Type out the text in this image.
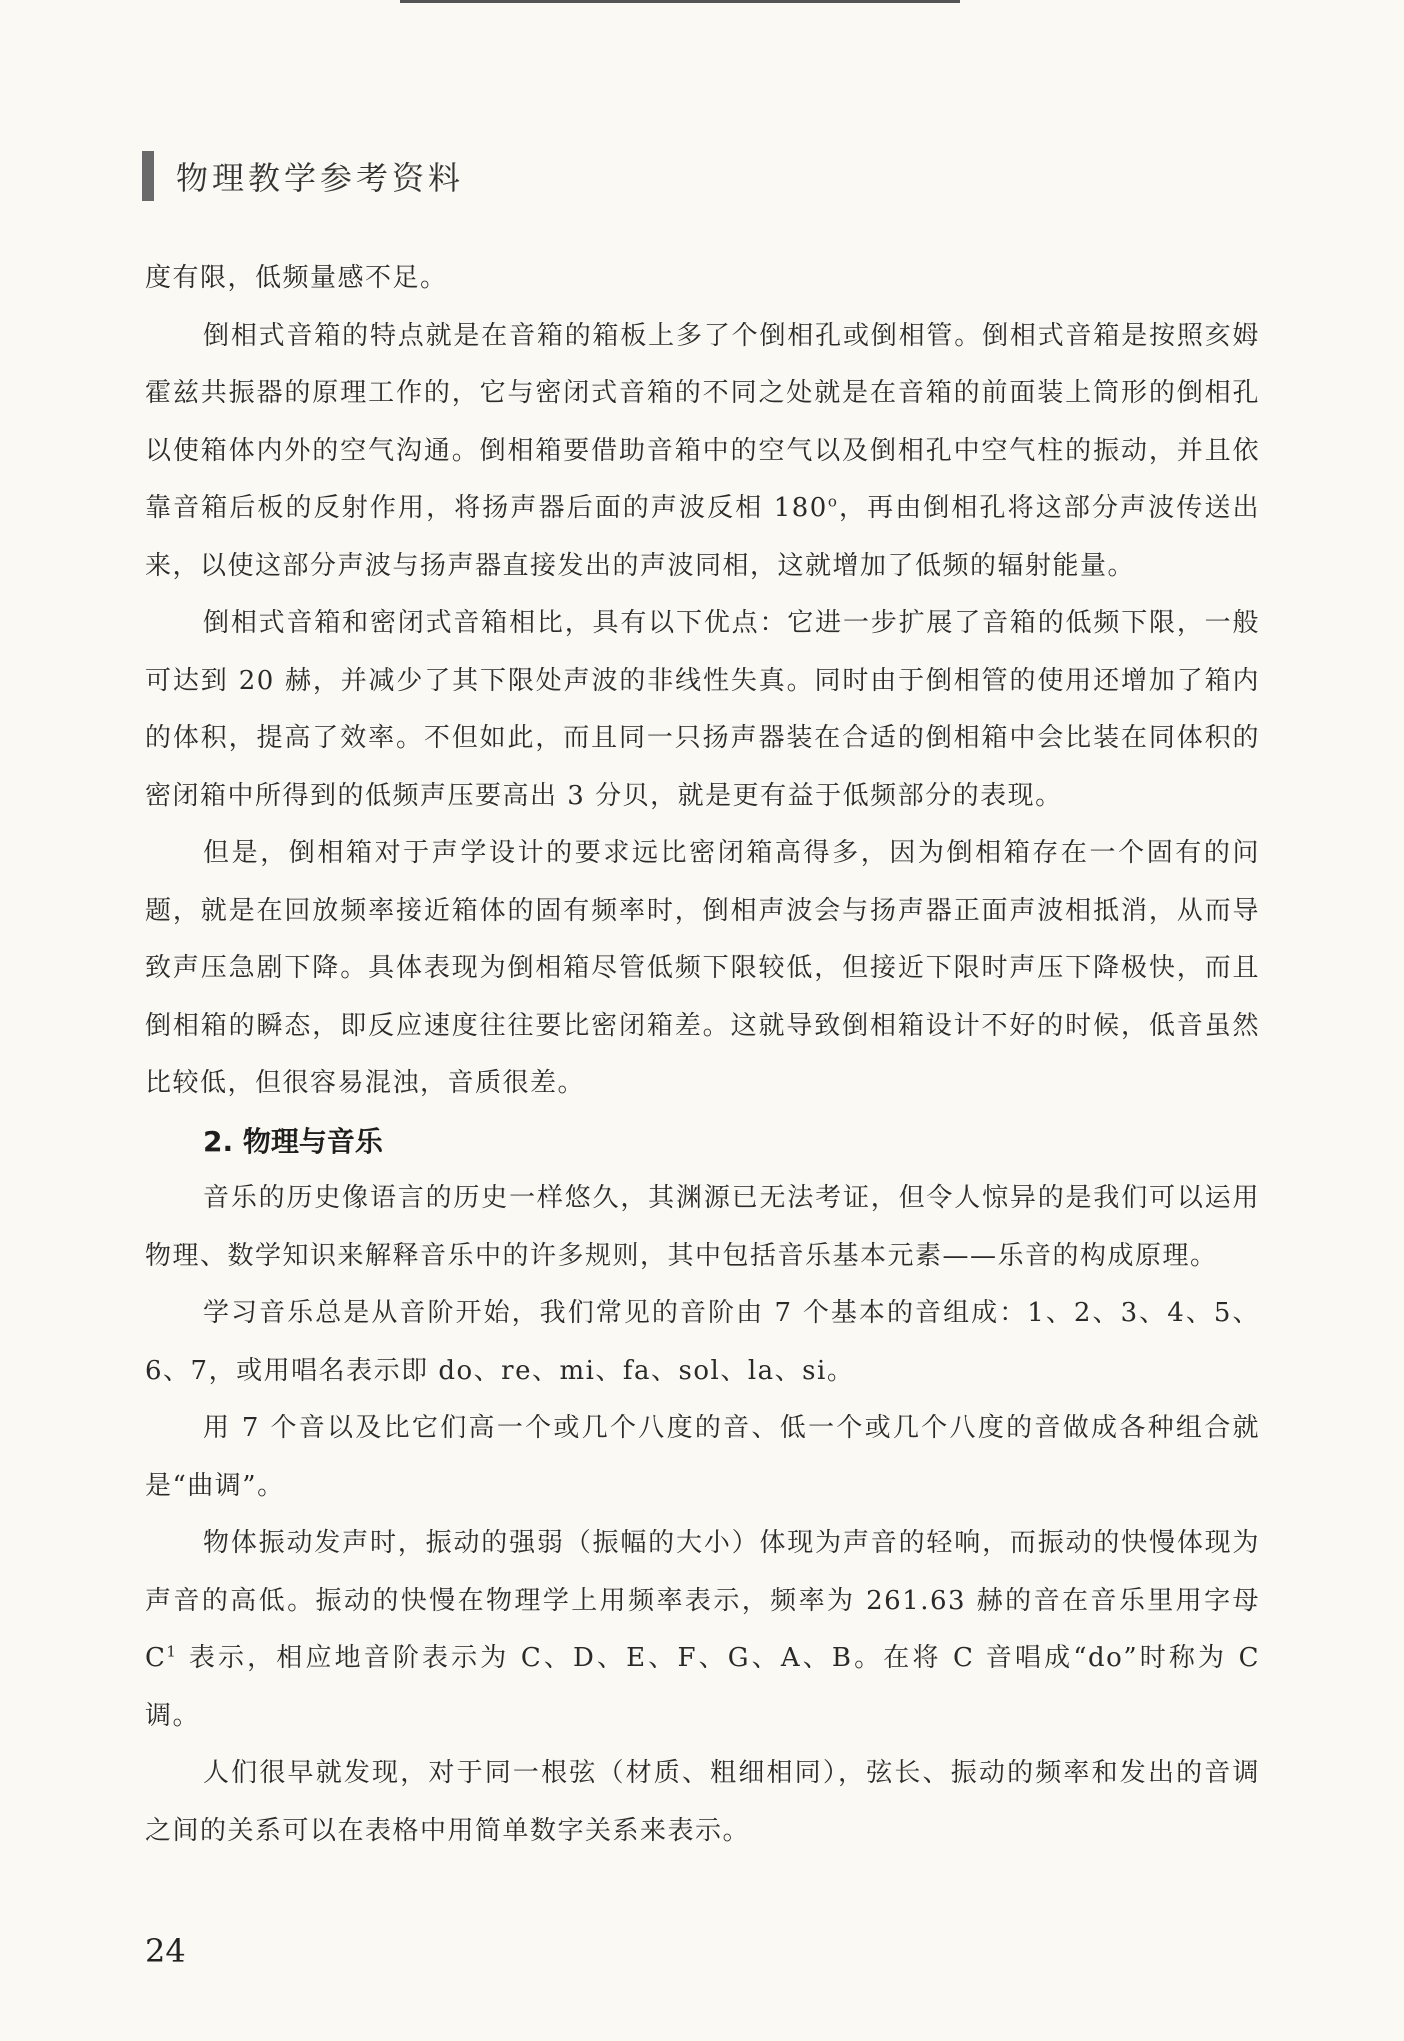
物理教学参考资料

度有限，低频量感不足。

倒相式音箱的特点就是在音箱的箱板上多了个倒相孔或倒相管。倒相式音箱是按照亥姆霍兹共振器的原理工作的，它与密闭式音箱的不同之处就是在音箱的前面装上筒形的倒相孔以使箱体内外的空气沟通。倒相箱要借助音箱中的空气以及倒相孔中空气柱的振动，并且依靠音箱后板的反射作用，将扬声器后面的声波反相 180$^o$，再由倒相孔将这部分声波传送出来，以使这部分声波与扬声器直接发出的声波同相，这就增加了低频的辐射能量。

倒相式音箱和密闭式音箱相比，具有以下优点：它进一步扩展了音箱的低频下限，一般可达到 20 赫，并减少了其下限处声波的非线性失真。同时由于倒相管的使用还增加了箱内的体积，提高了效率。不但如此，而且同一只扬声器装在合适的倒相箱中会比装在同体积的密闭箱中所得到的低频声压要高出 3 分贝，就是更有益于低频部分的表现。

但是，倒相箱对于声学设计的要求远比密闭箱高得多，因为倒相箱存在一个固有的问题，就是在回放频率接近箱体的固有频率时，倒相声波会与扬声器正面声波相抵消，从而导致声压急剧下降。具体表现为倒相箱尽管低频下限较低，但接近下限时声压下降极快，而且倒相箱的瞬态，即反应速度往往要比密闭箱差。这就导致倒相箱设计不好的时候，低音虽然比较低，但很容易混浊，音质很差。

2. 物理与音乐

音乐的历史像语言的历史一样悠久，其渊源已无法考证，但令人惊异的是我们可以运用物理、数学知识来解释音乐中的许多规则，其中包括音乐基本元素——乐音的构成原理。

学习音乐总是从音阶开始，我们常见的音阶由 7 个基本的音组成：1、2、3、4、5、6、7，或用唱名表示即 do、re、mi、fa、sol、la、si。

用 7 个音以及比它们高一个或几个八度的音、低一个或几个八度的音做成各种组合就是“曲调”。

物体振动发声时，振动的强弱（振幅的大小）体现为声音的轻响，而振动的快慢体现为声音的高低。振动的快慢在物理学上用频率表示，频率为 261.63 赫的音在音乐里用字母 $C^1$ 表示，相应地音阶表示为 C、D、E、F、G、A、B。在将 C 音唱成“do”时称为 C 调。

人们很早就发现，对于同一根弦（材质、粗细相同），弦长、振动的频率和发出的音调之间的关系可以在表格中用简单数字关系来表示。

24
